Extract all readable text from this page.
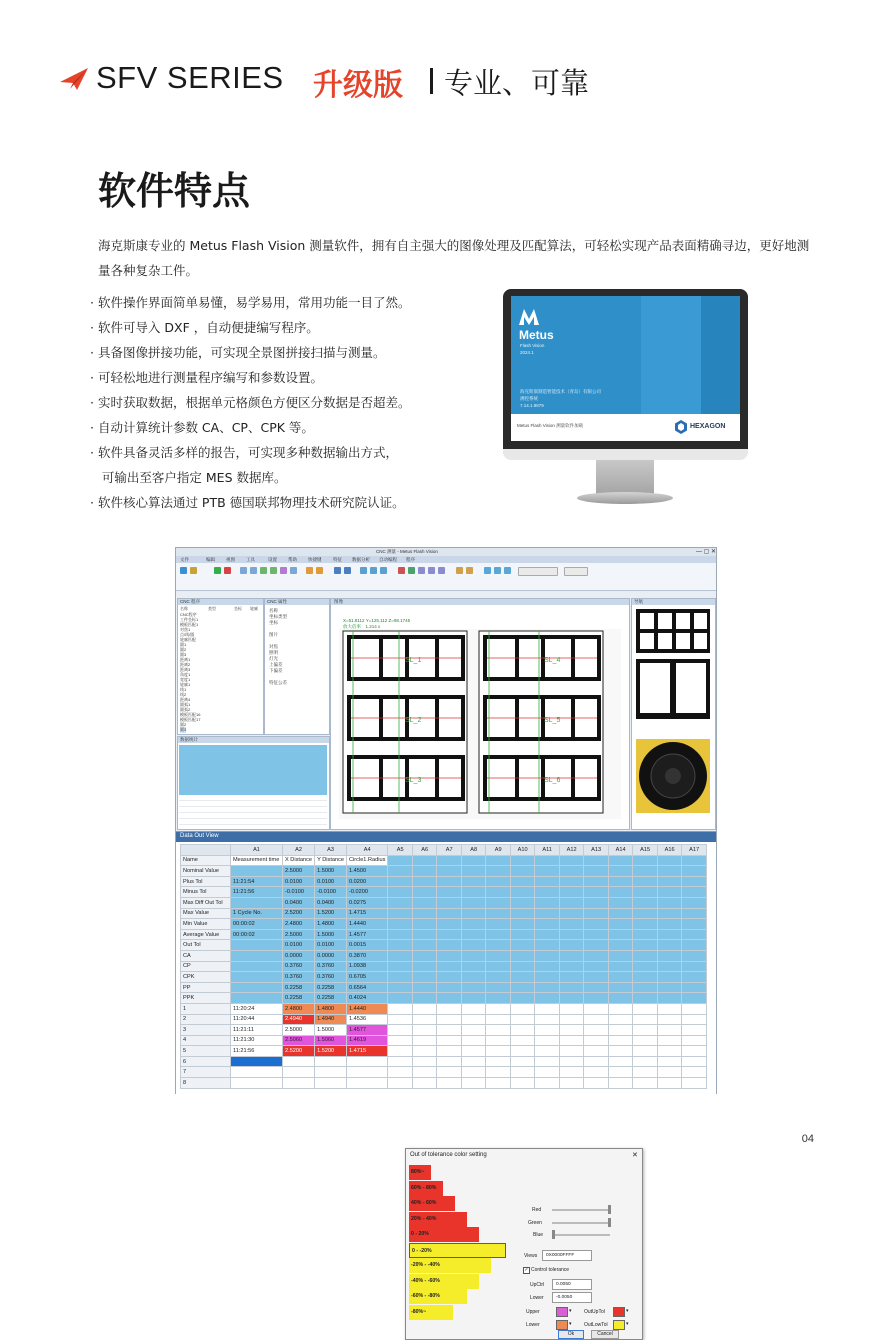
SFV SERIES 升级版 专业、可靠
软件特点
海克斯康专业的 Metus Flash Vision 测量软件，拥有自主强大的图像处理及匹配算法，可轻松实现产品表面精确寻边，更好地测量各种复杂工件。
· 软件操作界面简单易懂，易学易用，常用功能一目了然。
· 软件可导入 DXF ，自动便捷编写程序。
· 具备图像拼接功能，可实现全景图拼接扫描与测量。
· 可轻松地进行测量程序编写和参数设置。
· 实时获取数据，根据单元格颜色方便区分数据是否超差。
· 自动计算统计参数 CA、CP、CPK 等。
· 软件具备灵活多样的报告，可实现多种数据输出方式，
可输出至客户指定 MES 数据库。
· 软件核心算法通过 PTB 德国联邦物理技术研究院认证。
Metus
Flash Vision
2024.1
海克斯康制造智能技术（青岛）有限公司
测控系统
7.14.1.9879
Metus Flash Vision 测量软件加载	HEXAGON
CNC 测量 - Metus Flash Vision	— ▢ ✕
文件	编辑 视图 工具	设置 帮助 快捷键	特征 数据分析 自动编程 程序
CNC 程序
名称	类型	坐标 轮廓
CNC程序
工件坐标1
模板匹配1
对焦1
点/线/圆
轮廓匹配
圆1
圆2
圆3
距离1
距离2
距离3
角度1
宽度1
轮廓1
线1
线2
距离4
圆弧1
圆弧2
模板匹配16
模板匹配17
圆2
圆3
CNC 属性
名称
坐标类型
坐标
图片
对焦
照明
灯光
上偏差
下偏差
特征公差
图像
X=51.8112 Y=125.112 Z=98.1745
放大倍率：1.214 x
SL_1	SL_4
SL_2	SL_5
SL_3	SL_6
数据统计
导航
Data Out View
	A1	A2	A3	A4	A5	A6	A7	A8	A9	A10	A11	A12	A13	A14	A15	A16	A17
Name	Measurement time	X Distance	Y Distance	Circle1.Radius													
Nominal Value		2.5000	1.5000	1.4500													
Plus Tol	11:21:54	0.0100	0.0100	0.0200													
Minus Tol	11:21:56	-0.0100	-0.0100	-0.0200													
Max Diff Out Tol		0.0400	0.0400	0.0275													
Max Value	1 Cycle No.	2.5200	1.5200	1.4715													
Min Value	00:00:02	2.4800	1.4800	1.4440													
Average Value	00:00:02	2.5000	1.5000	1.4577													
Out Tol		0.0100	0.0100	0.0015													
CA		0.0000	0.0000	0.3870													
CP		0.3760	0.3760	1.0938													
CPK		0.3760	0.3760	0.6705													
PP		0.2258	0.2258	0.6564													
PPK		0.2258	0.2258	0.4024													
1	11:20:24	2.4800	1.4800	1.4440													
2	11:20:44	2.4940	1.4940	1.4536													
3	11:21:11	2.5000	1.5000	1.4577													
4	11:21:30	2.5060	1.5060	1.4619													
5	11:21:56	2.5200	1.5200	1.4715													
6																	
7																	
8																	
Out of tolerance color setting	✕
80%~
60% - 80%
40% - 60%
20% - 40%
0 - 20%
0 - -20%
-20% - -40%
-40% - -60%
-60% - -80%
-80%~
Red
Green
Blue
Views 0X0000FFFF
✓ Control tolerance
UpCtrl 0.0050
Lower	-0.0050
Upper	▾ OutUpTol	▾
Lower	▾ OutLowTol	▾
Ok	Cancel
04
